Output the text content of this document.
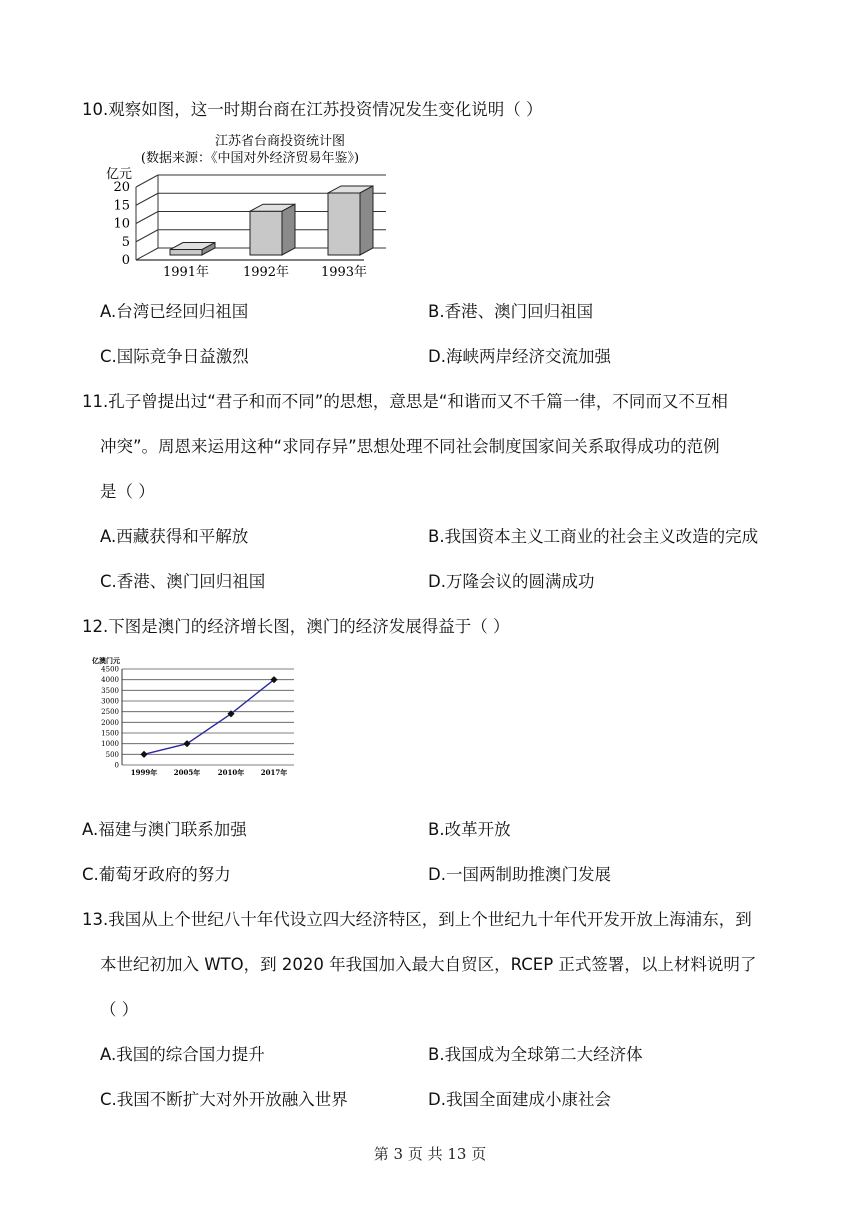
10.观察如图，这一时期台商在江苏投资情况发生变化说明（ ）
江苏省台商投资统计图
(数据来源：《中国对外经济贸易年鉴》)
亿元
1991年	1992年 1993年
0
5
10
15
20
A.台湾已经回归祖国	B.香港、澳门回归祖国
C.国际竞争日益激烈	D.海峡两岸经济交流加强
11.孔子曾提出过“君子和而不同”的思想，意思是“和谐而又不千篇一律，不同而又不互相
冲突”。周恩来运用这种“求同存异”思想处理不同社会制度国家间关系取得成功的范例
是（ ）
A.西藏获得和平解放	B.我国资本主义工商业的社会主义改造的完成
C.香港、澳门回归祖国	D.万隆会议的圆满成功
12.下图是澳门的经济增长图，澳门的经济发展得益于（ ）
亿澳门元
0
500
1000
1500
2000
2500
3000
3500
4000
4500
1999年 2005年	2010年 2017年
A.福建与澳门联系加强	B.改革开放
C.葡萄牙政府的努力	D.一国两制助推澳门发展
13.我国从上个世纪八十年代设立四大经济特区，到上个世纪九十年代开发开放上海浦东，到
本世纪初加入 WTO，到 2020 年我国加入最大自贸区，RCEP 正式签署，以上材料说明了
（ ）
A.我国的综合国力提升	B.我国成为全球第二大经济体
C.我国不断扩大对外开放融入世界	D.我国全面建成小康社会
第 3 页 共 13 页
